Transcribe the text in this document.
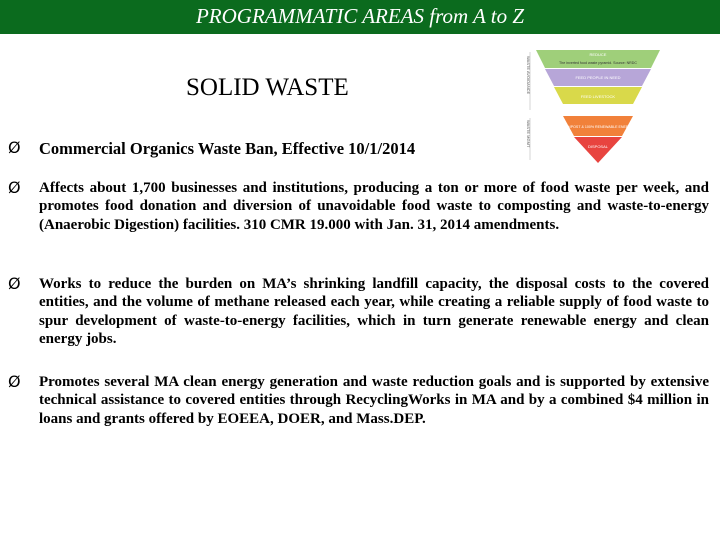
PROGRAMMATIC AREAS from A to Z
SOLID WASTE	WASTE AVOIDANCE
WASTE MGMT
REDUCE
The inverted food waste pyramid. Source: NRDC
FEED PEOPLE IN NEED
FEED LIVESTOCK
COMPOST & 100% RENEWABLE ENERGY
DISPOSAL
Ø Commercial Organics Waste Ban, Effective 10/1/2014
Ø Affects about 1,700 businesses and institutions, producing a ton or more of food waste per week, and promotes food donation and diversion of unavoidable food waste to composting and waste-to-energy (Anaerobic Digestion) facilities. 310 CMR 19.000 with Jan. 31, 2014 amendments.
Ø Works to reduce the burden on MA’s shrinking landfill capacity, the disposal costs to the covered entities, and the volume of methane released each year, while creating a reliable supply of food waste to spur development of waste-to-energy facilities, which in turn generate renewable energy and clean energy jobs.
Ø Promotes several MA clean energy generation and waste reduction goals and is supported by extensive technical assistance to covered entities through RecyclingWorks in MA and by a combined $4 million in loans and grants offered by EOEEA, DOER, and Mass.DEP.
